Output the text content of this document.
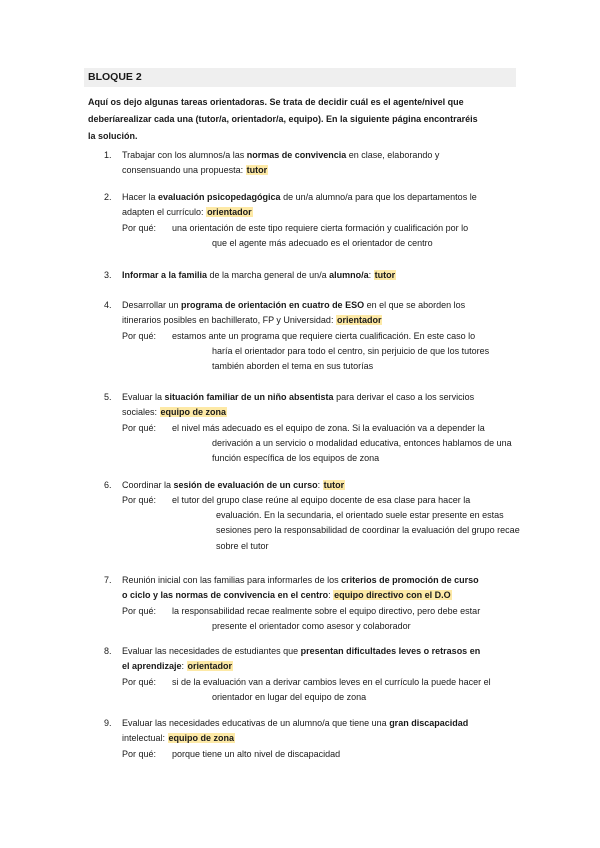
BLOQUE 2
Aquí os dejo algunas tareas orientadoras. Se trata de decidir cuál es el agente/nivel que
deberíarealizar cada una (tutor/a, orientador/a, equipo). En la siguiente página encontraréis
la solución.
1. Trabajar con los alumnos/a las normas de convivencia en clase, elaborando y
consensuando una propuesta: tutor
2. Hacer la evaluación psicopedagógica de un/a alumno/a para que los departamentos le
adapten el currículo: orientador
Por qué: una orientación de este tipo requiere cierta formación y cualificación por lo
que el agente más adecuado es el orientador de centro
3. Informar a la familia de la marcha general de un/a alumno/a: tutor
4. Desarrollar un programa de orientación en cuatro de ESO en el que se aborden los
itinerarios posibles en bachillerato, FP y Universidad: orientador
Por qué: estamos ante un programa que requiere cierta cualificación. En este caso lo
haría el orientador para todo el centro, sin perjuicio de que los tutores
también aborden el tema en sus tutorías
5. Evaluar la situación familiar de un niño absentista para derivar el caso a los servicios
sociales: equipo de zona
Por qué: el nivel más adecuado es el equipo de zona. Si la evaluación va a depender la
derivación a un servicio o modalidad educativa, entonces hablamos de una
función específica de los equipos de zona
6. Coordinar la sesión de evaluación de un curso: tutor
Por qué: el tutor del grupo clase reúne al equipo docente de esa clase para hacer la
evaluación. En la secundaria, el orientado suele estar presente en estas
sesiones pero la responsabilidad de coordinar la evaluación del grupo recae
sobre el tutor
7. Reunión inicial con las familias para informarles de los criterios de promoción de curso
o ciclo y las normas de convivencia en el centro: equipo directivo con el D.O
Por qué: la responsabilidad recae realmente sobre el equipo directivo, pero debe estar
presente el orientador como asesor y colaborador
8. Evaluar las necesidades de estudiantes que presentan dificultades leves o retrasos en
el aprendizaje: orientador
Por qué: si de la evaluación van a derivar cambios leves en el currículo la puede hacer el
orientador en lugar del equipo de zona
9. Evaluar las necesidades educativas de un alumno/a que tiene una gran discapacidad
intelectual: equipo de zona
Por qué: porque tiene un alto nivel de discapacidad
